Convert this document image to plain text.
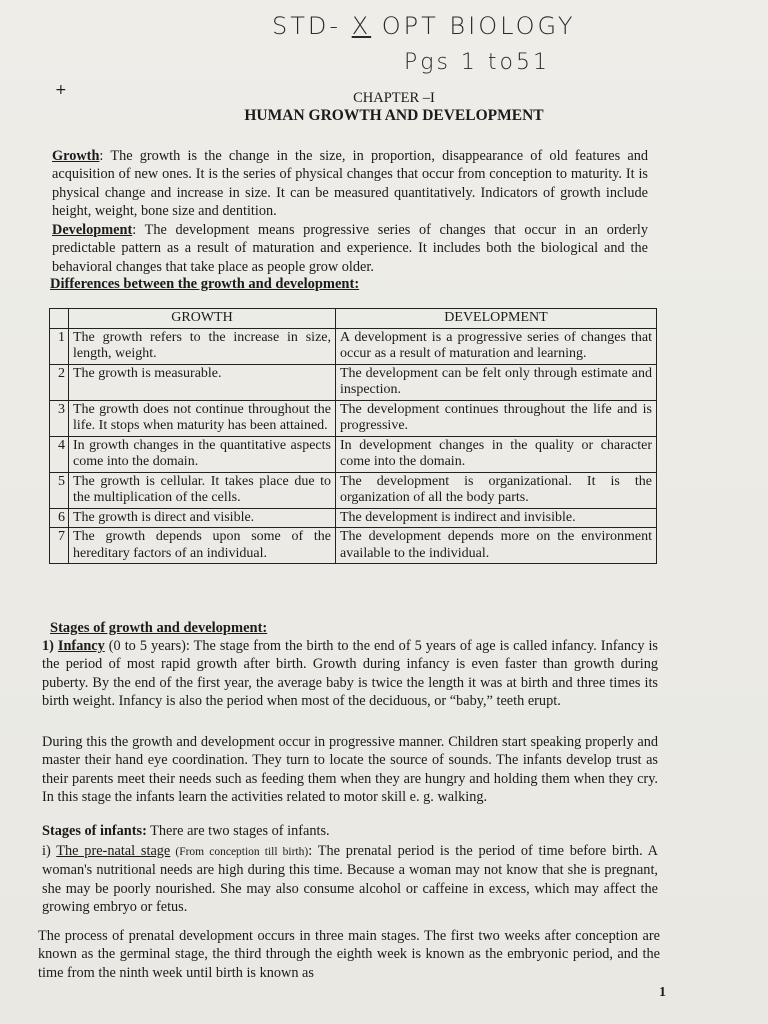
STD- X OPT BIOLOGY
Pgs 1 to51
+	CHAPTER –I
HUMAN GROWTH AND DEVELOPMENT
Growth: The growth is the change in the size, in proportion, disappearance of old features and acquisition of new ones. It is the series of physical changes that occur from conception to maturity. It is physical change and increase in size. It can be measured quantitatively. Indicators of growth include height, weight, bone size and dentition.
Development: The development means progressive series of changes that occur in an orderly predictable pattern as a result of maturation and experience. It includes both the biological and the behavioral changes that take place as people grow older.
Differences between the growth and development:
	GROWTH	DEVELOPMENT
1	The growth refers to the increase in size, length, weight.	A development is a progressive series of changes that occur as a result of maturation and learning.
2	The growth is measurable.	The development can be felt only through estimate and inspection.
3	The growth does not continue throughout the life. It stops when maturity has been attained.	The development continues throughout the life and is progressive.
4	In growth changes in the quantitative aspects come into the domain.	In development changes in the quality or character come into the domain.
5	The growth is cellular. It takes place due to the multiplication of the cells.	The development is organizational. It is the organization of all the body parts.
6	The growth is direct and visible.	The development is indirect and invisible.
7	The growth depends upon some of the hereditary factors of an individual.	The development depends more on the environment available to the individual.
Stages of growth and development:
1) Infancy (0 to 5 years): The stage from the birth to the end of 5 years of age is called infancy. Infancy is the period of most rapid growth after birth. Growth during infancy is even faster than growth during puberty. By the end of the first year, the average baby is twice the length it was at birth and three times its birth weight. Infancy is also the period when most of the deciduous, or “baby,” teeth erupt.
During this the growth and development occur in progressive manner. Children start speaking properly and master their hand eye coordination. They turn to locate the source of sounds. The infants develop trust as their parents meet their needs such as feeding them when they are hungry and holding them when they cry. In this stage the infants learn the activities related to motor skill e. g. walking.
Stages of infants: There are two stages of infants.
i) The pre-natal stage (From conception till birth): The prenatal period is the period of time before birth. A woman's nutritional needs are high during this time. Because a woman may not know that she is pregnant, she may be poorly nourished. She may also consume alcohol or caffeine in excess, which may affect the growing embryo or fetus.
The process of prenatal development occurs in three main stages. The first two weeks after conception are known as the germinal stage, the third through the eighth week is known as the embryonic period, and the time from the ninth week until birth is known as
1
